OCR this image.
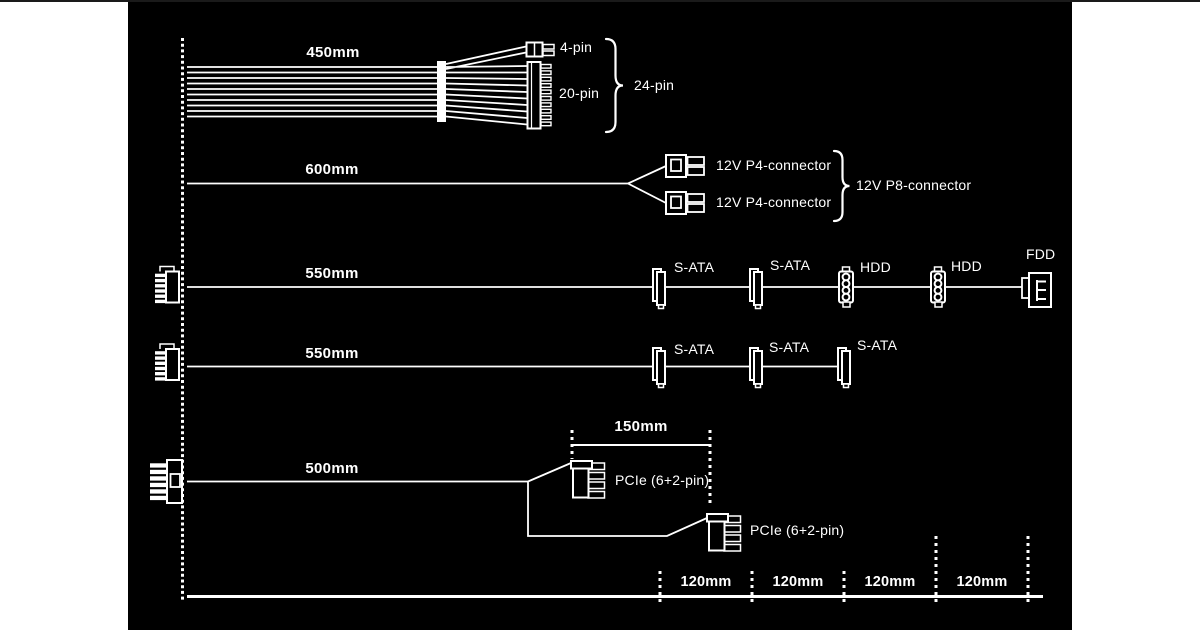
450mm
600mm
550mm
550mm
500mm
150mm
4-pin
20-pin 24-pin
12V P4-connector
12V P4-connector
12V P8-connector
S-ATA	S-ATA	HDD	HDD
FDD
S-ATA	S-ATA	S-ATA
PCIe (6+2-pin)
PCIe (6+2-pin)
120mm	120mm	120mm	120mm
